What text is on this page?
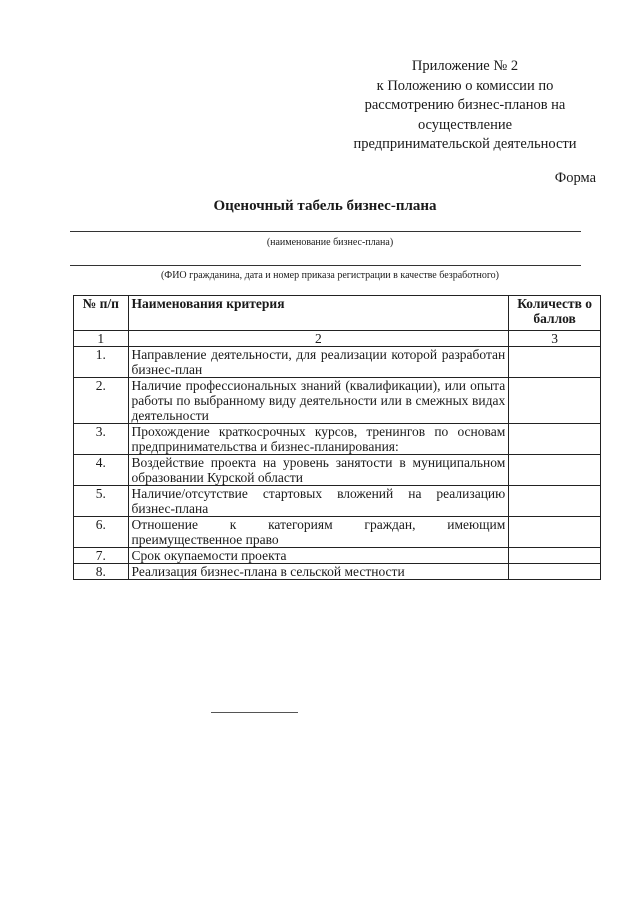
Приложение № 2
к Положению о комиссии по
рассмотрению бизнес-планов на
осуществление
предпринимательской деятельности
Форма
Оценочный табель бизнес-плана
(наименование бизнес-плана)
(ФИО гражданина, дата и номер приказа регистрации в качестве безработного)
№ п/п	Наименования критерия	Количеств о баллов
1	2	3
1.	Направление деятельности, для реализации которой разработан бизнес-план	
2.	Наличие профессиональных знаний (квалификации), или опыта работы по выбранному виду деятельности или в смежных видах деятельности	
3.	Прохождение краткосрочных курсов, тренингов по основам предпринимательства и бизнес-планирования:	
4.	Воздействие проекта на уровень занятости в муниципальном образовании Курской области	
5.	Наличие/отсутствие стартовых вложений на реализацию бизнес-плана	
6.	Отношение к категориям граждан, имеющим преимущественное право	
7.	Срок окупаемости проекта	
8.	Реализация бизнес-плана в сельской местности	
